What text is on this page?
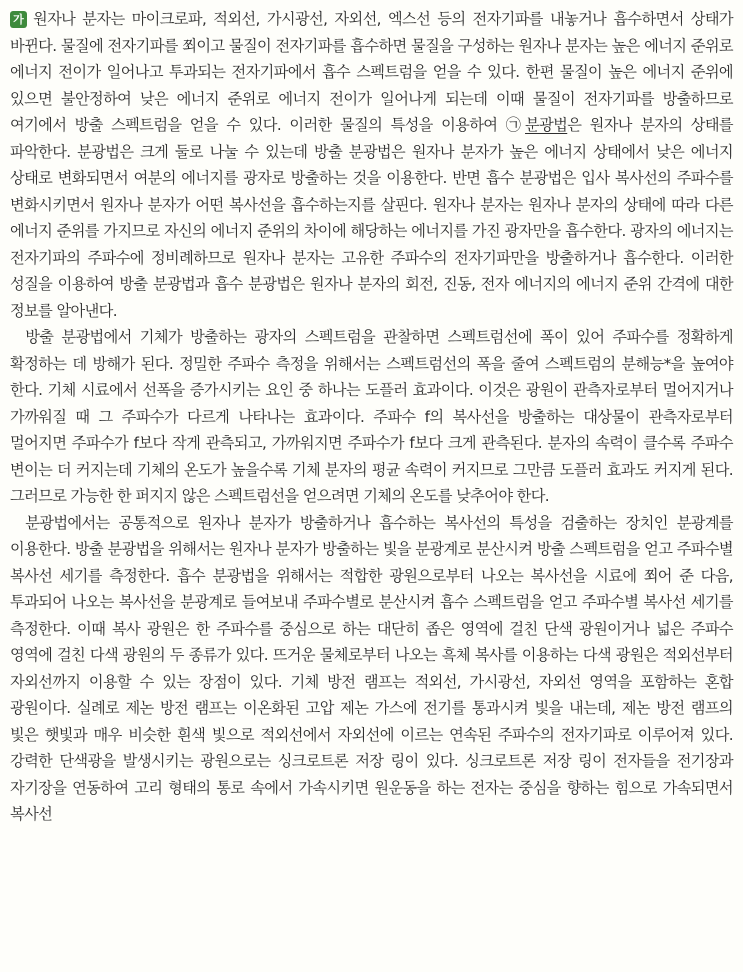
가 원자나 분자는 마이크로파, 적외선, 가시광선, 자외선, 엑스선 등의 전자기파를 내놓거나 흡수하면서 상태가 바뀐다. 물질에 전자기파를 쬐이고 물질이 전자기파를 흡수하면 물질을 구성하는 원자나 분자는 높은 에너지 준위로 에너지 전이가 일어나고 투과되는 전자기파에서 흡수 스펙트럼을 얻을 수 있다. 한편 물질이 높은 에너지 준위에 있으면 불안정하여 낮은 에너지 준위로 에너지 전이가 일어나게 되는데 이때 물질이 전자기파를 방출하므로 여기에서 방출 스펙트럼을 얻을 수 있다. 이러한 물질의 특성을 이용하여 ㉠분광법은 원자나 분자의 상태를 파악한다. 분광법은 크게 둘로 나눌 수 있는데 방출 분광법은 원자나 분자가 높은 에너지 상태에서 낮은 에너지 상태로 변화되면서 여분의 에너지를 광자로 방출하는 것을 이용한다. 반면 흡수 분광법은 입사 복사선의 주파수를 변화시키면서 원자나 분자가 어떤 복사선을 흡수하는지를 살핀다. 원자나 분자는 원자나 분자의 상태에 따라 다른 에너지 준위를 가지므로 자신의 에너지 준위의 차이에 해당하는 에너지를 가진 광자만을 흡수한다. 광자의 에너지는 전자기파의 주파수에 정비례하므로 원자나 분자는 고유한 주파수의 전자기파만을 방출하거나 흡수한다. 이러한 성질을 이용하여 방출 분광법과 흡수 분광법은 원자나 분자의 회전, 진동, 전자 에너지의 에너지 준위 간격에 대한 정보를 알아낸다.

방출 분광법에서 기체가 방출하는 광자의 스펙트럼을 관찰하면 스펙트럼선에 폭이 있어 주파수를 정확하게 확정하는 데 방해가 된다. 정밀한 주파수 측정을 위해서는 스펙트럼선의 폭을 줄여 스펙트럼의 분해능*을 높여야 한다. 기체 시료에서 선폭을 증가시키는 요인 중 하나는 도플러 효과이다. 이것은 광원이 관측자로부터 멀어지거나 가까워질 때 그 주파수가 다르게 나타나는 효과이다. 주파수 f의 복사선을 방출하는 대상물이 관측자로부터 멀어지면 주파수가 f보다 작게 관측되고, 가까워지면 주파수가 f보다 크게 관측된다. 분자의 속력이 클수록 주파수 변이는 더 커지는데 기체의 온도가 높을수록 기체 분자의 평균 속력이 커지므로 그만큼 도플러 효과도 커지게 된다. 그러므로 가능한 한 퍼지지 않은 스펙트럼선을 얻으려면 기체의 온도를 낮추어야 한다.

분광법에서는 공통적으로 원자나 분자가 방출하거나 흡수하는 복사선의 특성을 검출하는 장치인 분광계를 이용한다. 방출 분광법을 위해서는 원자나 분자가 방출하는 빛을 분광계로 분산시켜 방출 스펙트럼을 얻고 주파수별 복사선 세기를 측정한다. 흡수 분광법을 위해서는 적합한 광원으로부터 나오는 복사선을 시료에 쬐어 준 다음, 투과되어 나오는 복사선을 분광계로 들여보내 주파수별로 분산시켜 흡수 스펙트럼을 얻고 주파수별 복사선 세기를 측정한다. 이때 복사 광원은 한 주파수를 중심으로 하는 대단히 좁은 영역에 걸친 단색 광원이거나 넓은 주파수 영역에 걸친 다색 광원의 두 종류가 있다. 뜨거운 물체로부터 나오는 흑체 복사를 이용하는 다색 광원은 적외선부터 자외선까지 이용할 수 있는 장점이 있다. 기체 방전 램프는 적외선, 가시광선, 자외선 영역을 포함하는 혼합 광원이다. 실례로 제논 방전 램프는 이온화된 고압 제논 가스에 전기를 통과시켜 빛을 내는데, 제논 방전 램프의 빛은 햇빛과 매우 비슷한 흰색 빛으로 적외선에서 자외선에 이르는 연속된 주파수의 전자기파로 이루어져 있다. 강력한 단색광을 발생시키는 광원으로는 싱크로트론 저장 링이 있다. 싱크로트론 저장 링이 전자들을 전기장과 자기장을 연동하여 고리 형태의 통로 속에서 가속시키면 원운동을 하는 전자는 중심을 향하는 힘으로 가속되면서 복사선
